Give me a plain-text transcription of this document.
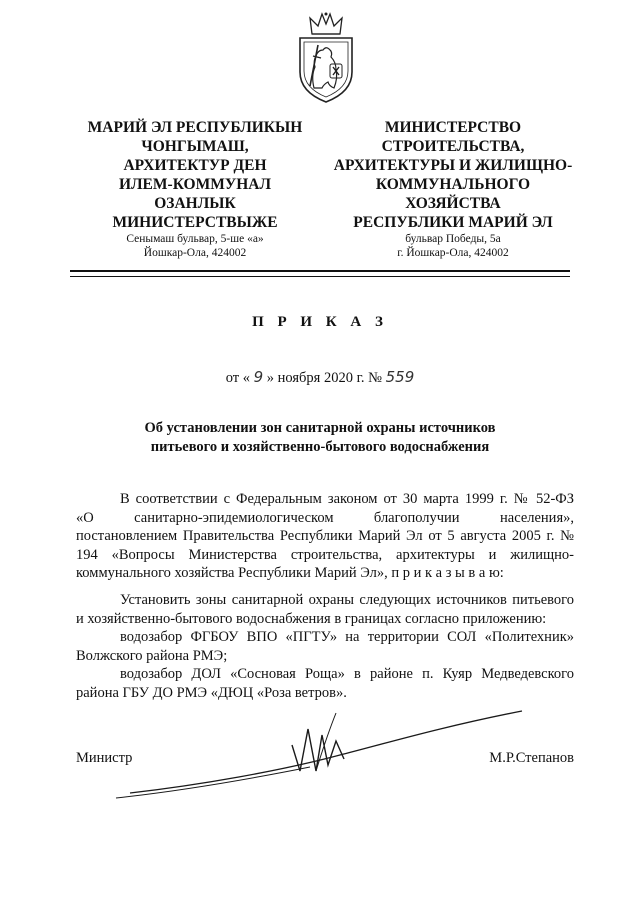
МАРИЙ ЭЛ РЕСПУБЛИКЫН
ЧОНГЫМАШ,
АРХИТЕКТУР ДЕН
ИЛЕМ-КОММУНАЛ
ОЗАНЛЫК
МИНИСТЕРСТВЫЖЕ
МИНИСТЕРСТВО
СТРОИТЕЛЬСТВА,
АРХИТЕКТУРЫ И ЖИЛИЩНО-
КОММУНАЛЬНОГО
ХОЗЯЙСТВА
РЕСПУБЛИКИ МАРИЙ ЭЛ
Сенымаш бульвар, 5-ше «а»
Йошкар-Ола, 424002
бульвар Победы, 5а
г. Йошкар-Ола, 424002
П Р И К А З
от « 9 » ноября 2020 г. № 559
Об установлении зон санитарной охраны источников
питьевого и хозяйственно-бытового водоснабжения

В соответствии с Федеральным законом от 30 марта 1999 г. № 52-ФЗ

«О санитарно-эпидемиологическом благополучии населения»,

постановлением Правительства Республики Марий Эл от 5 августа 2005 г. № 194 «Вопросы Министерства строительства, архитектуры и жилищно-коммунального хозяйства Республики Марий Эл», п р и к а з ы в а ю:

Установить зоны санитарной охраны следующих источников питьевого и хозяйственно-бытового водоснабжения в границах согласно приложению:

водозабор ФГБОУ ВПО «ПГТУ» на территории СОЛ «Политехник» Волжского района РМЭ;

водозабор ДОЛ «Сосновая Роща» в районе п. Куяр Медведевского района ГБУ ДО РМЭ «ДЮЦ «Роза ветров».

Министр	М.Р.Степанов
